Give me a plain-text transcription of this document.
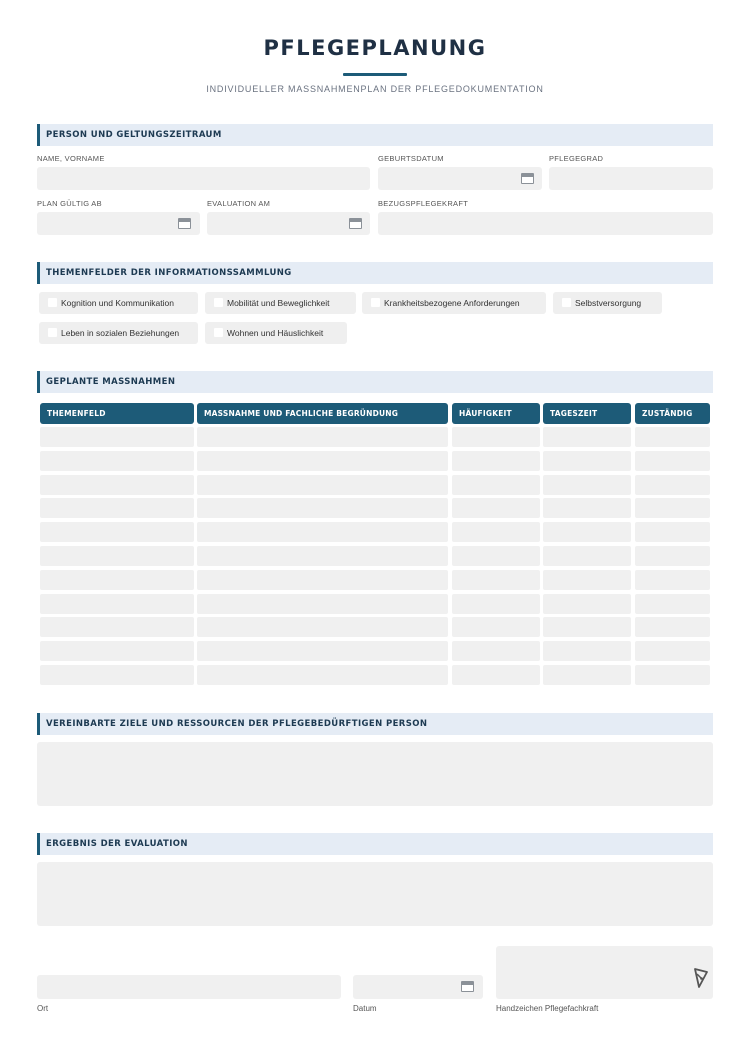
PFLEGEPLANUNG
INDIVIDUELLER MASSNAHMENPLAN DER PFLEGEDOKUMENTATION
PERSON UND GELTUNGSZEITRAUM
NAME, VORNAME	GEBURTSDATUM	PFLEGEGRAD
PLAN GÜLTIG AB	EVALUATION AM	BEZUGSPFLEGEKRAFT
THEMENFELDER DER INFORMATIONSSAMMLUNG
Kognition und Kommunikation	Mobilität und Beweglichkeit	Krankheitsbezogene Anforderungen	Selbstversorgung
Leben in sozialen Beziehungen	Wohnen und Häuslichkeit
GEPLANTE MASSNAHMEN
THEMENFELD	MASSNAHME UND FACHLICHE BEGRÜNDUNG	HÄUFIGKEIT	TAGESZEIT	ZUSTÄNDIG
VEREINBARTE ZIELE UND RESSOURCEN DER PFLEGEBEDÜRFTIGEN PERSON
ERGEBNIS DER EVALUATION
Ort	Datum	Handzeichen Pflegefachkraft
